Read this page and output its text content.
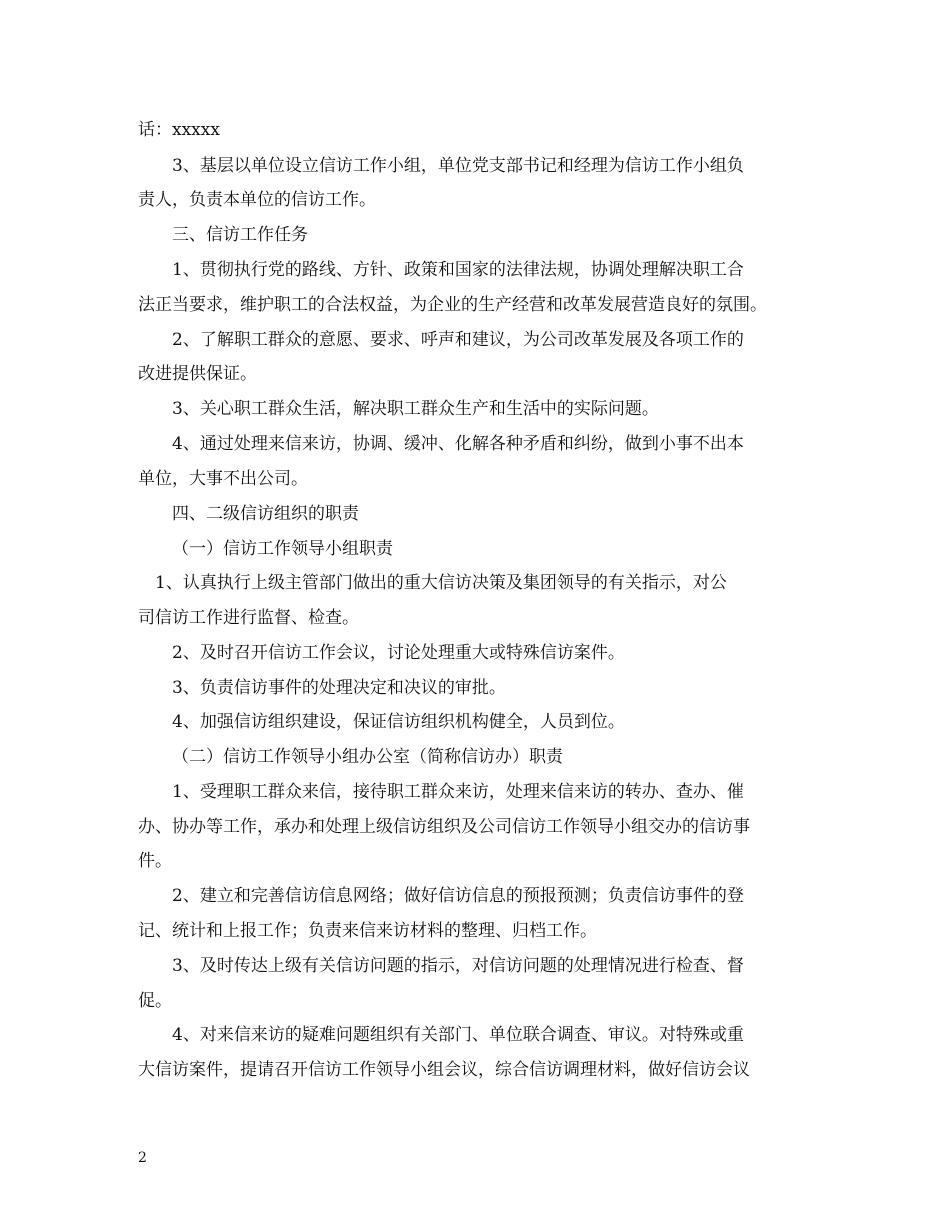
话：xxxxx
3、基层以单位设立信访工作小组，单位党支部书记和经理为信访工作小组负
责人，负责本单位的信访工作。
三、信访工作任务
1、贯彻执行党的路线、方针、政策和国家的法律法规，协调处理解决职工合
法正当要求，维护职工的合法权益，为企业的生产经营和改革发展营造良好的氛围。
2、了解职工群众的意愿、要求、呼声和建议，为公司改革发展及各项工作的
改进提供保证。
3、关心职工群众生活，解决职工群众生产和生活中的实际问题。
4、通过处理来信来访，协调、缓冲、化解各种矛盾和纠纷，做到小事不出本
单位，大事不出公司。
四、二级信访组织的职责
（一）信访工作领导小组职责
1、认真执行上级主管部门做出的重大信访决策及集团领导的有关指示，对公
司信访工作进行监督、检查。
2、及时召开信访工作会议，讨论处理重大或特殊信访案件。
3、负责信访事件的处理决定和决议的审批。
4、加强信访组织建设，保证信访组织机构健全，人员到位。
（二）信访工作领导小组办公室（简称信访办）职责
1、受理职工群众来信，接待职工群众来访，处理来信来访的转办、查办、催
办、协办等工作，承办和处理上级信访组织及公司信访工作领导小组交办的信访事
件。
2、建立和完善信访信息网络；做好信访信息的预报预测；负责信访事件的登
记、统计和上报工作；负责来信来访材料的整理、归档工作。
3、及时传达上级有关信访问题的指示，对信访问题的处理情况进行检查、督
促。
4、对来信来访的疑难问题组织有关部门、单位联合调查、审议。对特殊或重
大信访案件，提请召开信访工作领导小组会议，综合信访调理材料，做好信访会议
2
